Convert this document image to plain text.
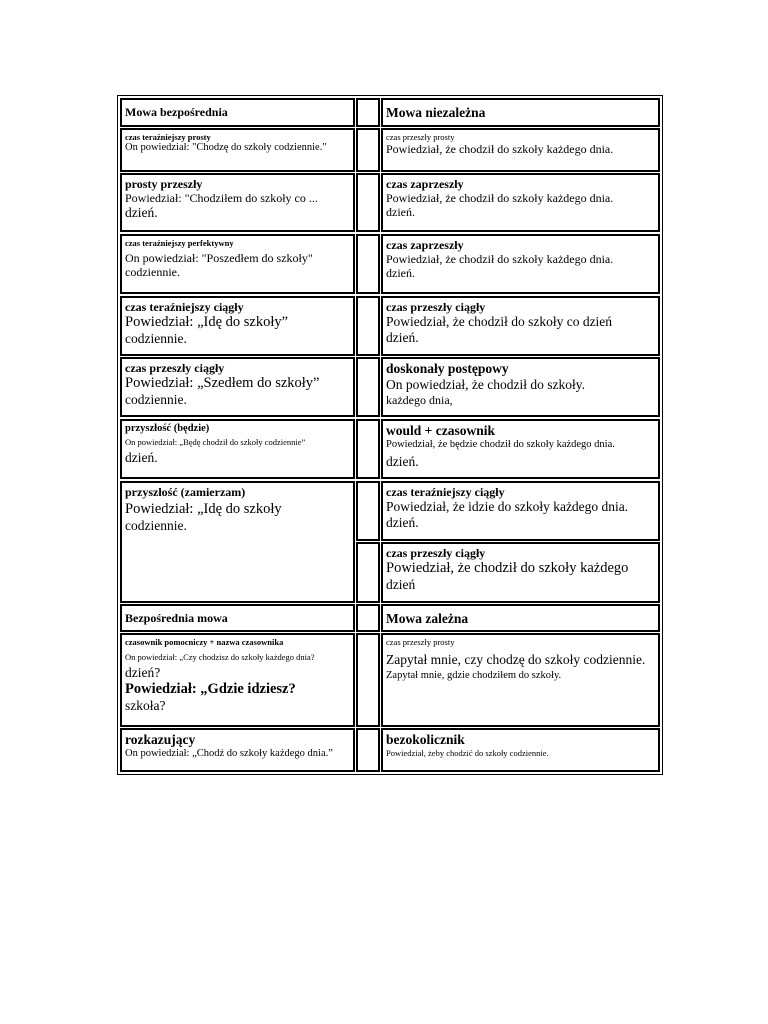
Mowa bezpośrednia	Mowa niezależna
czas teraźniejszy prosty
On powiedział: "Chodzę do szkoły codziennie."
czas przeszły prosty
Powiedział, że chodził do szkoły każdego dnia.
prosty przeszły
Powiedział: "Chodziłem do szkoły co ...
dzień.
czas zaprzeszły
Powiedział, że chodził do szkoły każdego dnia.
dzień.
czas teraźniejszy perfektywny
On powiedział: "Poszedłem do szkoły"
codziennie.
czas zaprzeszły
Powiedział, że chodził do szkoły każdego dnia.
dzień.
czas teraźniejszy ciągły
Powiedział: „Idę do szkoły”
codziennie.
czas przeszły ciągły
Powiedział, że chodził do szkoły co dzień
dzień.
czas przeszły ciągły
Powiedział: „Szedłem do szkoły”
codziennie.
doskonały postępowy
On powiedział, że chodził do szkoły.
każdego dnia,
przyszłość (będzie)
On powiedział: „Będę chodził do szkoły codziennie”
dzień.
would + czasownik
Powiedział, że będzie chodził do szkoły każdego dnia.
dzień.
przyszłość (zamierzam)
Powiedział: „Idę do szkoły
codziennie.
czas teraźniejszy ciągły
Powiedział, że idzie do szkoły każdego dnia.
dzień.
czas przeszły ciągły
Powiedział, że chodził do szkoły każdego
dzień
Bezpośrednia mowa	Mowa zależna
czasownik pomocniczy + nazwa czasownika
On powiedział: „Czy chodzisz do szkoły każdego dnia?
dzień?
Powiedział: „Gdzie idziesz?
szkoła?
czas przeszły prosty
Zapytał mnie, czy chodzę do szkoły codziennie.
Zapytał mnie, gdzie chodziłem do szkoły.
rozkazujący
On powiedział: „Chodź do szkoły każdego dnia.”
bezokolicznik
Powiedział, żeby chodzić do szkoły codziennie.
